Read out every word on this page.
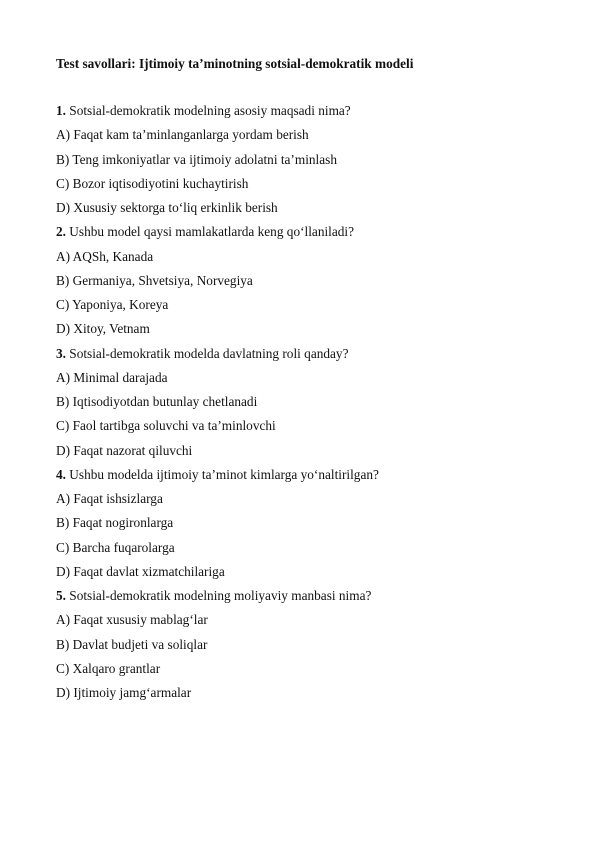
Test savollari: Ijtimoiy ta’minotning sotsial-demokratik modeli
1. Sotsial-demokratik modelning asosiy maqsadi nima?
A) Faqat kam ta’minlanganlarga yordam berish
B) Teng imkoniyatlar va ijtimoiy adolatni ta’minlash
C) Bozor iqtisodiyotini kuchaytirish
D) Xususiy sektorga to‘liq erkinlik berish
2. Ushbu model qaysi mamlakatlarda keng qo‘llaniladi?
A) AQSh, Kanada
B) Germaniya, Shvetsiya, Norvegiya
C) Yaponiya, Koreya
D) Xitoy, Vetnam
3. Sotsial-demokratik modelda davlatning roli qanday?
A) Minimal darajada
B) Iqtisodiyotdan butunlay chetlanadi
C) Faol tartibga soluvchi va ta’minlovchi
D) Faqat nazorat qiluvchi
4. Ushbu modelda ijtimoiy ta’minot kimlarga yo‘naltirilgan?
A) Faqat ishsizlarga
B) Faqat nogironlarga
C) Barcha fuqarolarga
D) Faqat davlat xizmatchilariga
5. Sotsial-demokratik modelning moliyaviy manbasi nima?
A) Faqat xususiy mablag‘lar
B) Davlat budjeti va soliqlar
C) Xalqaro grantlar
D) Ijtimoiy jamg‘armalar
